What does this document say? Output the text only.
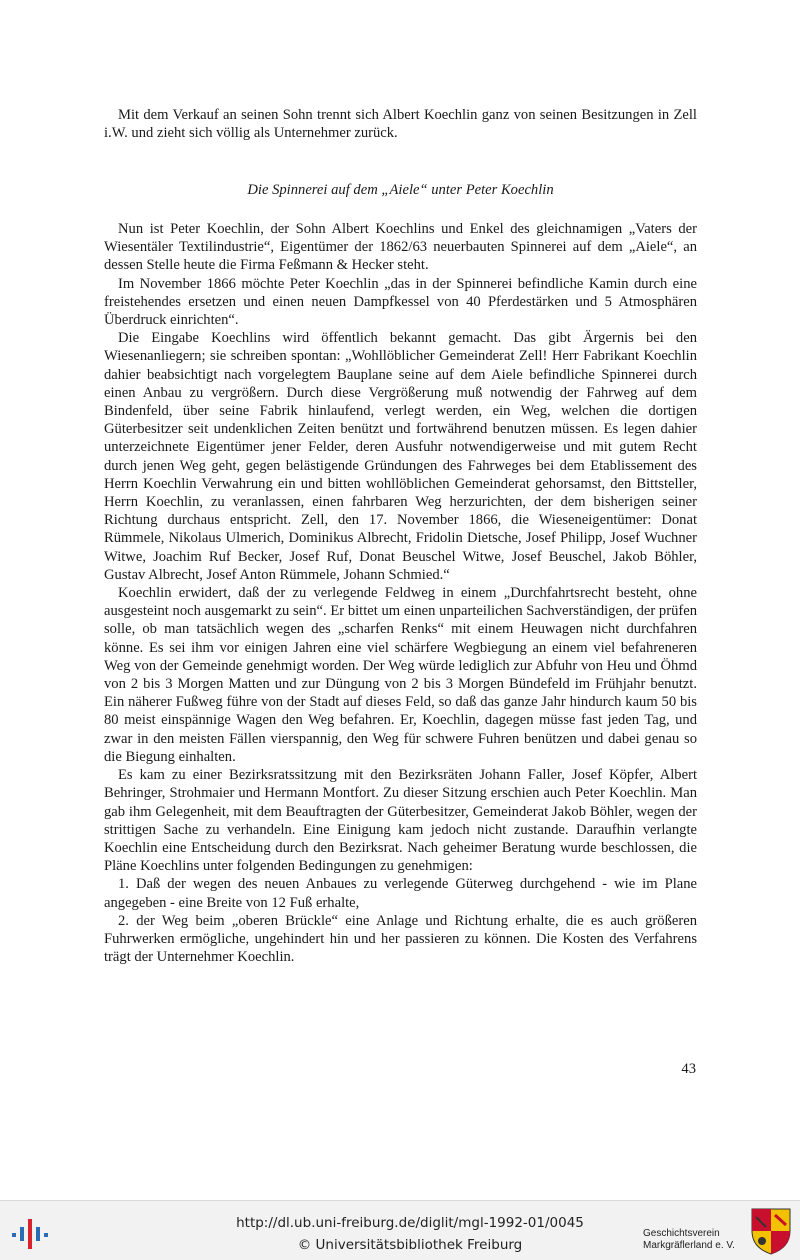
Mit dem Verkauf an seinen Sohn trennt sich Albert Koechlin ganz von seinen Besitzungen in Zell i.W. und zieht sich völlig als Unternehmer zurück.

Die Spinnerei auf dem „Aiele“ unter Peter Koechlin

Nun ist Peter Koechlin, der Sohn Albert Koechlins und Enkel des gleichnamigen „Vaters der Wiesentäler Textilindustrie“, Eigentümer der 1862/63 neuerbauten Spinnerei auf dem „Aiele“, an dessen Stelle heute die Firma Feßmann & Hecker steht.

Im November 1866 möchte Peter Koechlin „das in der Spinnerei befindliche Kamin durch eine freistehendes ersetzen und einen neuen Dampfkessel von 40 Pferdestärken und 5 Atmosphären Überdruck einrichten“.

Die Eingabe Koechlins wird öffentlich bekannt gemacht. Das gibt Ärgernis bei den Wiesenanliegern; sie schreiben spontan: „Wohllöblicher Gemeinderat Zell! Herr Fabrikant Koechlin dahier beabsichtigt nach vorgelegtem Bauplane seine auf dem Aiele befindliche Spinnerei durch einen Anbau zu vergrößern. Durch diese Vergrößerung muß notwendig der Fahrweg auf dem Bindenfeld, über seine Fabrik hinlaufend, verlegt werden, ein Weg, welchen die dortigen Güterbesitzer seit undenklichen Zeiten benützt und fortwährend benutzen müssen. Es legen dahier unterzeichnete Eigentümer jener Felder, deren Ausfuhr notwendigerweise und mit gutem Recht durch jenen Weg geht, gegen belästigende Gründungen des Fahrweges bei dem Etablissement des Herrn Koechlin Verwahrung ein und bitten wohllöblichen Gemeinderat gehorsamst, den Bittsteller, Herrn Koechlin, zu veranlassen, einen fahrbaren Weg herzurichten, der dem bisherigen seiner Richtung durchaus entspricht. Zell, den 17. November 1866, die Wieseneigentümer: Donat Rümmele, Nikolaus Ulmerich, Dominikus Albrecht, Fridolin Dietsche, Josef Philipp, Josef Wuchner Witwe, Joachim Ruf Becker, Josef Ruf, Donat Beuschel Witwe, Josef Beuschel, Jakob Böhler, Gustav Albrecht, Josef Anton Rümmele, Johann Schmied.“

Koechlin erwidert, daß der zu verlegende Feldweg in einem „Durchfahrtsrecht besteht, ohne ausgesteint noch ausgemarkt zu sein“. Er bittet um einen unparteilichen Sachverständigen, der prüfen solle, ob man tatsächlich wegen des „scharfen Renks“ mit einem Heuwagen nicht durchfahren könne. Es sei ihm vor einigen Jahren eine viel schärfere Wegbiegung an einem viel befahreneren Weg von der Gemeinde genehmigt worden. Der Weg würde lediglich zur Abfuhr von Heu und Öhmd von 2 bis 3 Morgen Matten und zur Düngung von 2 bis 3 Morgen Bündefeld im Frühjahr benutzt. Ein näherer Fußweg führe von der Stadt auf dieses Feld, so daß das ganze Jahr hindurch kaum 50 bis 80 meist einspännige Wagen den Weg befahren. Er, Koechlin, dagegen müsse fast jeden Tag, und zwar in den meisten Fällen vierspannig, den Weg für schwere Fuhren benützen und dabei genau so die Biegung einhalten.

Es kam zu einer Bezirksratssitzung mit den Bezirksräten Johann Faller, Josef Köpfer, Albert Behringer, Strohmaier und Hermann Montfort. Zu dieser Sitzung erschien auch Peter Koechlin. Man gab ihm Gelegenheit, mit dem Beauftragten der Güterbesitzer, Gemeinderat Jakob Böhler, wegen der strittigen Sache zu verhandeln. Eine Einigung kam jedoch nicht zustande. Daraufhin verlangte Koechlin eine Entscheidung durch den Bezirksrat. Nach geheimer Beratung wurde beschlossen, die Pläne Koechlins unter folgenden Bedingungen zu genehmigen:

1. Daß der wegen des neuen Anbaues zu verlegende Güterweg durchgehend - wie im Plane angegeben - eine Breite von 12 Fuß erhalte,

2. der Weg beim „oberen Brückle“ eine Anlage und Richtung erhalte, die es auch größeren Fuhrwerken ermögliche, ungehindert hin und her passieren zu können. Die Kosten des Verfahrens trägt der Unternehmer Koechlin.

43
http://dl.ub.uni-freiburg.de/diglit/mgl-1992-01/0045
© Universitätsbibliothek Freiburg
Geschichtsverein
Markgräflerland e. V.
